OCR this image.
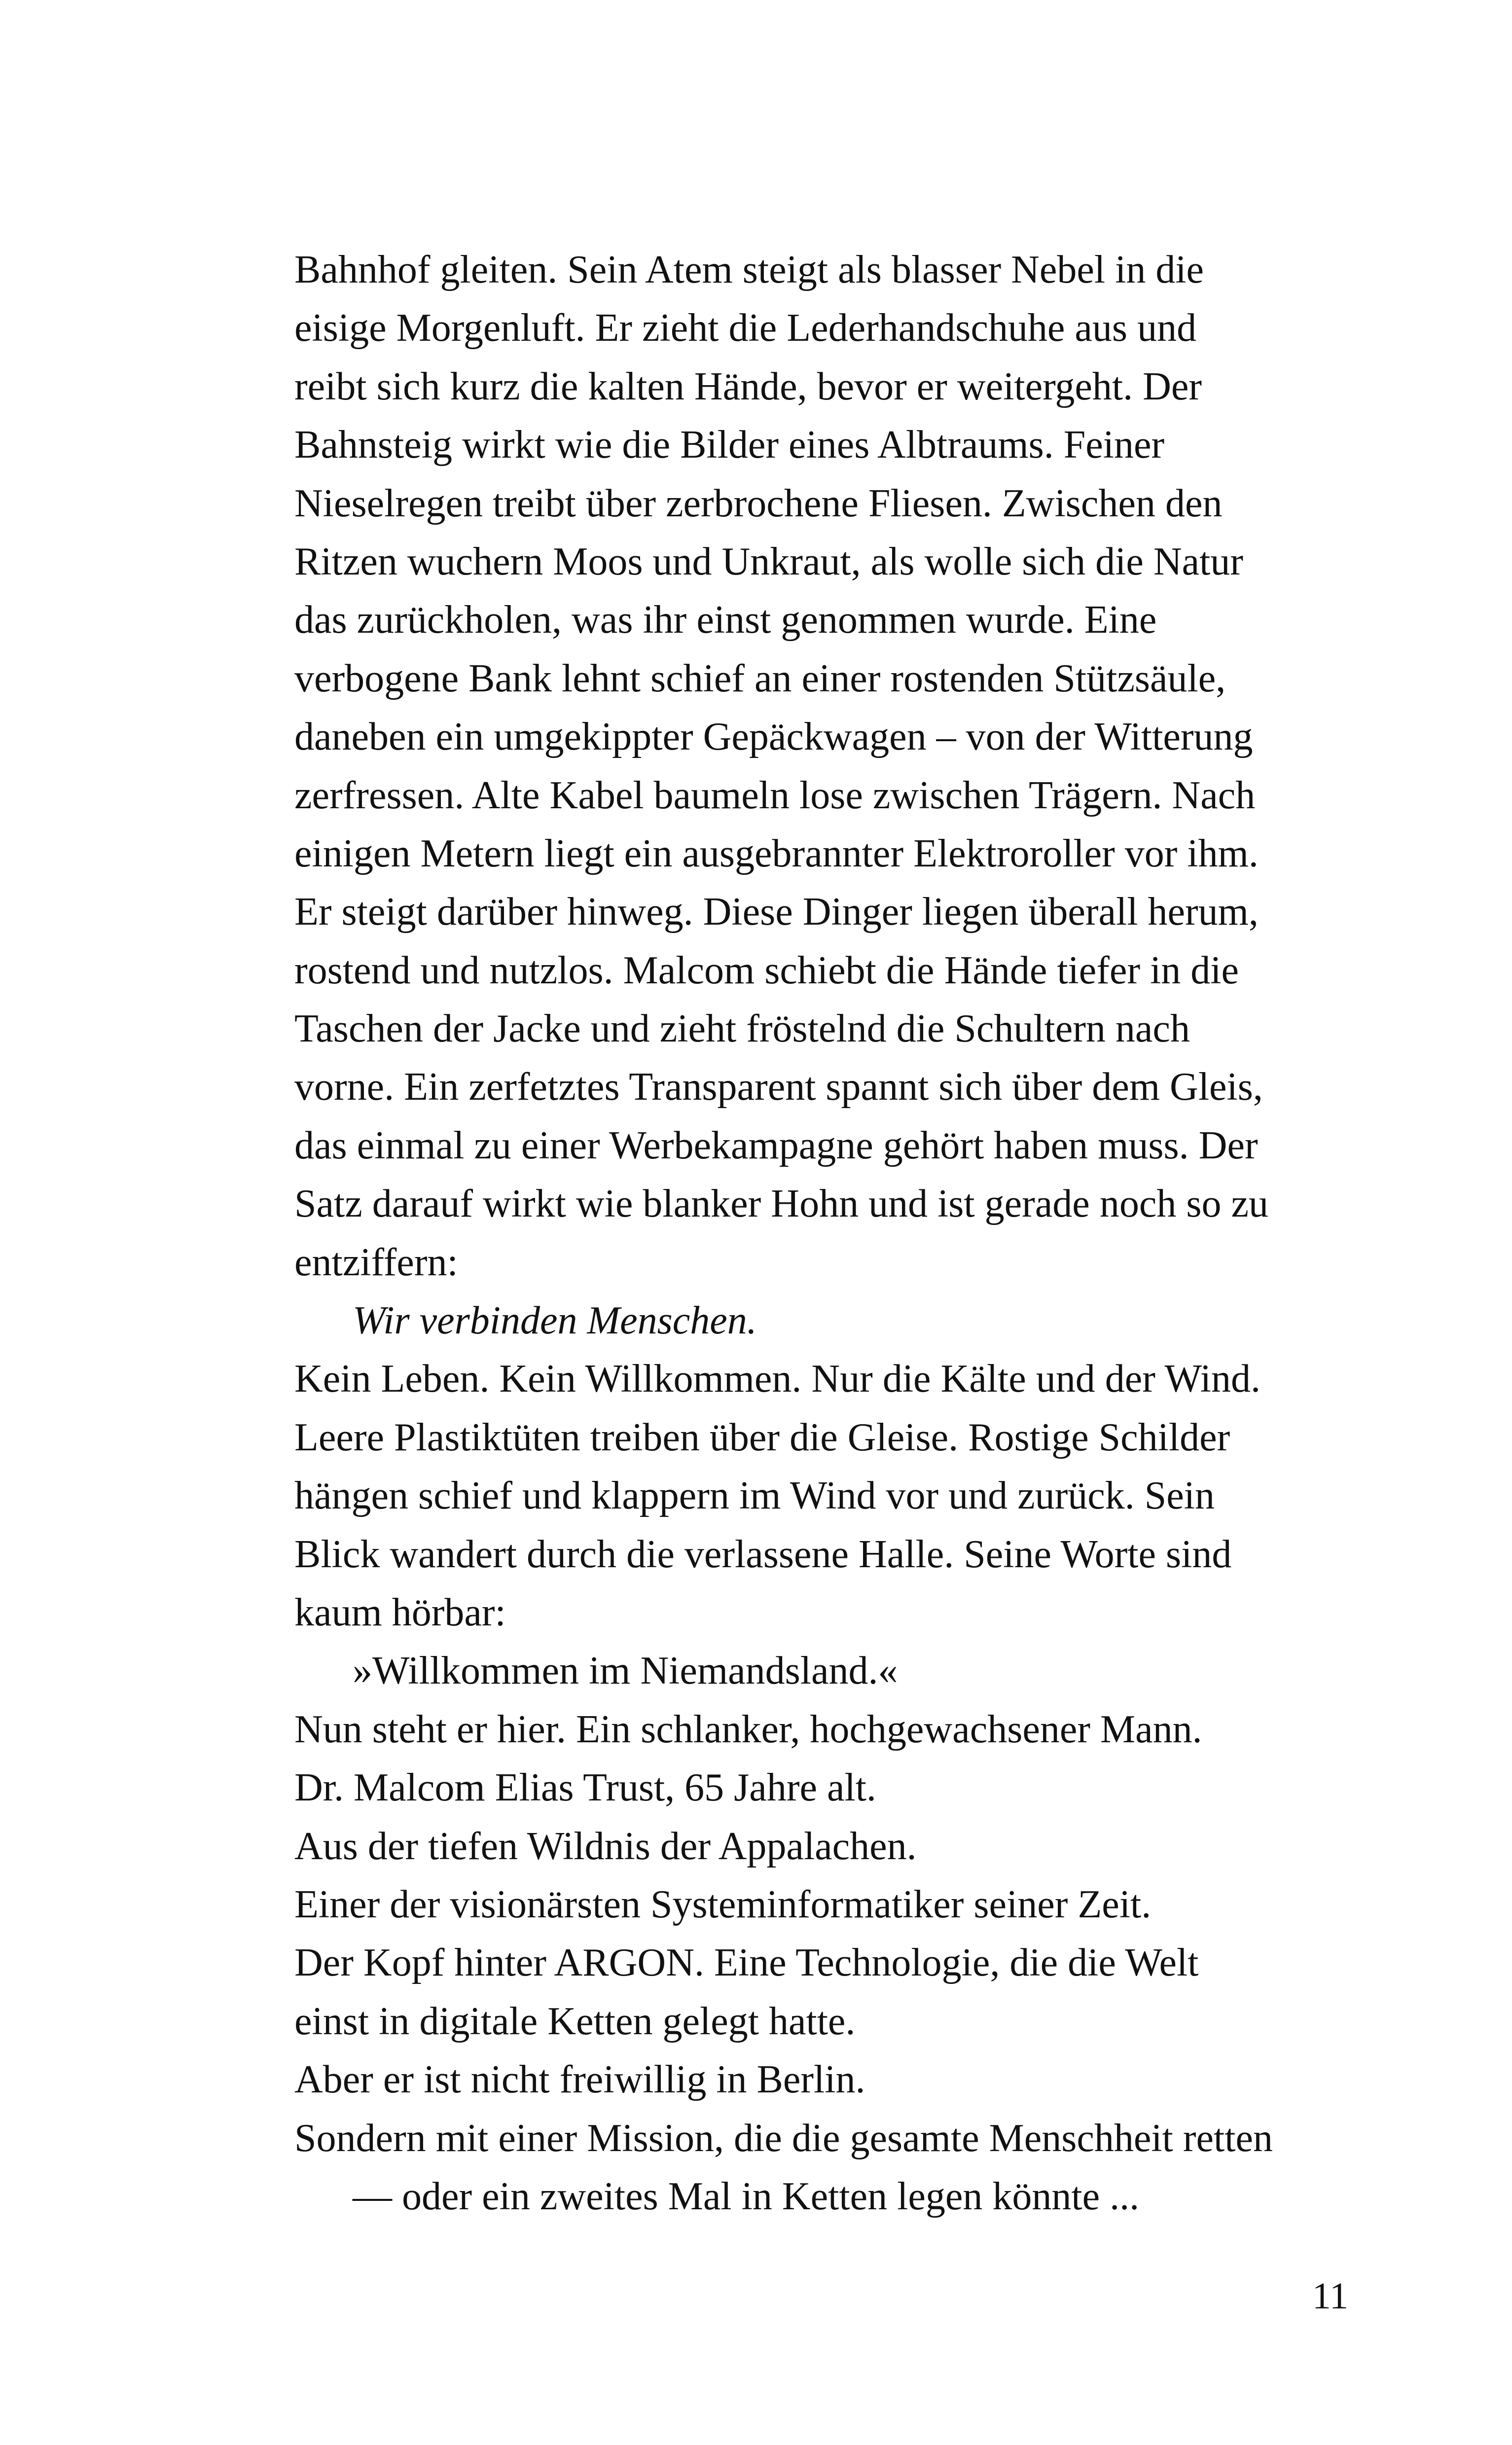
Bahnhof gleiten. Sein Atem steigt als blasser Nebel in die
eisige Morgenluft. Er zieht die Lederhandschuhe aus und
reibt sich kurz die kalten Hände, bevor er weitergeht. Der
Bahnsteig wirkt wie die Bilder eines Albtraums. Feiner
Nieselregen treibt über zerbrochene Fliesen. Zwischen den
Ritzen wuchern Moos und Unkraut, als wolle sich die Natur
das zurückholen, was ihr einst genommen wurde. Eine
verbogene Bank lehnt schief an einer rostenden Stützsäule,
daneben ein umgekippter Gepäckwagen – von der Witterung
zerfressen. Alte Kabel baumeln lose zwischen Trägern. Nach
einigen Metern liegt ein ausgebrannter Elektroroller vor ihm.
Er steigt darüber hinweg. Diese Dinger liegen überall herum,
rostend und nutzlos. Malcom schiebt die Hände tiefer in die
Taschen der Jacke und zieht fröstelnd die Schultern nach
vorne. Ein zerfetztes Transparent spannt sich über dem Gleis,
das einmal zu einer Werbekampagne gehört haben muss. Der
Satz darauf wirkt wie blanker Hohn und ist gerade noch so zu
entziffern:
Wir verbinden Menschen.
Kein Leben. Kein Willkommen. Nur die Kälte und der Wind.
Leere Plastiktüten treiben über die Gleise. Rostige Schilder
hängen schief und klappern im Wind vor und zurück. Sein
Blick wandert durch die verlassene Halle. Seine Worte sind
kaum hörbar:
»Willkommen im Niemandsland.«
Nun steht er hier. Ein schlanker, hochgewachsener Mann.
Dr. Malcom Elias Trust, 65 Jahre alt.
Aus der tiefen Wildnis der Appalachen.
Einer der visionärsten Systeminformatiker seiner Zeit.
Der Kopf hinter ARGON. Eine Technologie, die die Welt
einst in digitale Ketten gelegt hatte.
Aber er ist nicht freiwillig in Berlin.
Sondern mit einer Mission, die die gesamte Menschheit retten
— oder ein zweites Mal in Ketten legen könnte ...
11
